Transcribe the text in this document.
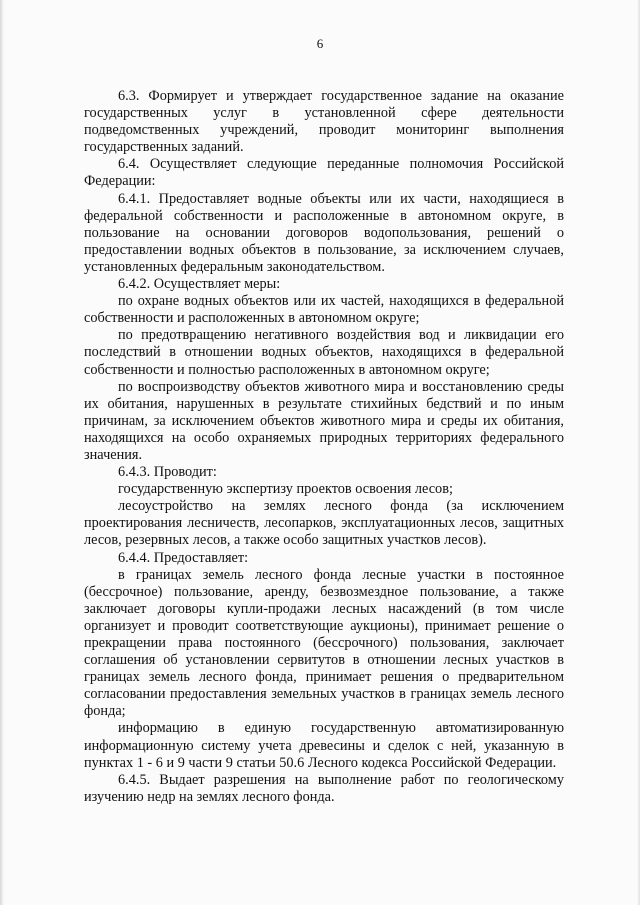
6

6.3. Формирует и утверждает государственное задание на оказание государственных услуг в установленной сфере деятельности подведомственных учреждений, проводит мониторинг выполнения государственных заданий.

6.4. Осуществляет следующие переданные полномочия Российской Федерации:

6.4.1. Предоставляет водные объекты или их части, находящиеся в федеральной собственности и расположенные в автономном округе, в пользование на основании договоров водопользования, решений о предоставлении водных объектов в пользование, за исключением случаев, установленных федеральным законодательством.

6.4.2. Осуществляет меры:

по охране водных объектов или их частей, находящихся в федеральной собственности и расположенных в автономном округе;

по предотвращению негативного воздействия вод и ликвидации его последствий в отношении водных объектов, находящихся в федеральной собственности и полностью расположенных в автономном округе;

по воспроизводству объектов животного мира и восстановлению среды их обитания, нарушенных в результате стихийных бедствий и по иным причинам, за исключением объектов животного мира и среды их обитания, находящихся на особо охраняемых природных территориях федерального значения.

6.4.3. Проводит:

государственную экспертизу проектов освоения лесов;

лесоустройство на землях лесного фонда (за исключением проектирования лесничеств, лесопарков, эксплуатационных лесов, защитных лесов, резервных лесов, а также особо защитных участков лесов).

6.4.4. Предоставляет:

в границах земель лесного фонда лесные участки в постоянное (бессрочное) пользование, аренду, безвозмездное пользование, а также заключает договоры купли-продажи лесных насаждений (в том числе организует и проводит соответствующие аукционы), принимает решение о прекращении права постоянного (бессрочного) пользования, заключает соглашения об установлении сервитутов в отношении лесных участков в границах земель лесного фонда, принимает решения о предварительном согласовании предоставления земельных участков в границах земель лесного фонда;

информацию в единую государственную автоматизированную информационную систему учета древесины и сделок с ней, указанную в пунктах 1 - 6 и 9 части 9 статьи 50.6 Лесного кодекса Российской Федерации.

6.4.5. Выдает разрешения на выполнение работ по геологическому изучению недр на землях лесного фонда.
